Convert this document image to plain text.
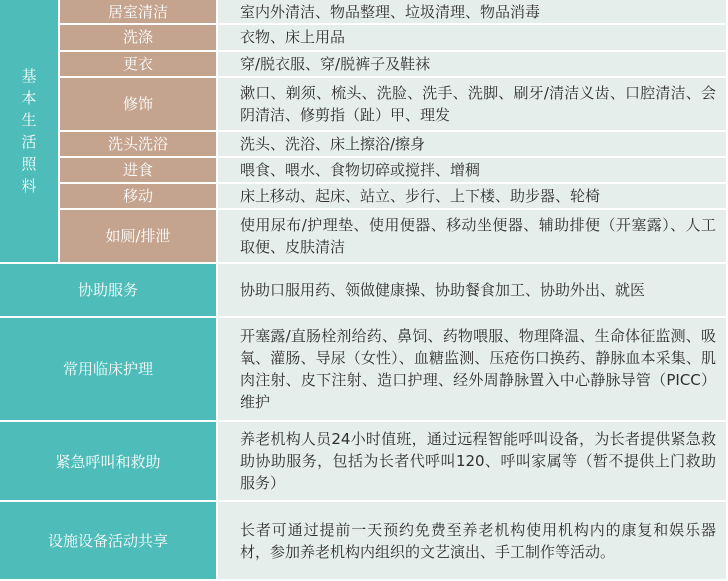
基本生活照料	居室清洁	室内外清洁、物品整理、垃圾清理、物品消毒
	洗涤	衣物、床上用品
	更衣	穿/脱衣服、穿/脱裤子及鞋袜
	修饰	漱口、剃须、梳头、洗脸、洗手、洗脚、刷牙/清洁义齿、口腔清洁、会阴清洁、修剪指（趾）甲、理发
	洗头洗浴	洗头、洗浴、床上擦浴/擦身
	进食	喂食、喂水、食物切碎或搅拌、增稠
	移动	床上移动、起床、站立、步行、上下楼、助步器、轮椅
	如厕/排泄	使用尿布/护理垫、使用便器、移动坐便器、辅助排便（开塞露）、人工取便、皮肤清洁
协助服务		协助口服用药、领做健康操、协助餐食加工、协助外出、就医
常用临床护理		开塞露/直肠栓剂给药、鼻饲、药物喂服、物理降温、生命体征监测、吸氧、灌肠、导尿（女性）、血糖监测、压疮伤口换药、静脉血本采集、肌肉注射、皮下注射、造口护理、经外周静脉置入中心静脉导管（PICC）维护
紧急呼叫和救助		养老机构人员24小时值班，通过远程智能呼叫设备，为长者提供紧急救助协助服务，包括为长者代呼叫120、呼叫家属等（暂不提供上门救助服务）
设施设备活动共享		长者可通过提前一天预约免费至养老机构使用机构内的康复和娱乐器材，参加养老机构内组织的文艺演出、手工制作等活动。
